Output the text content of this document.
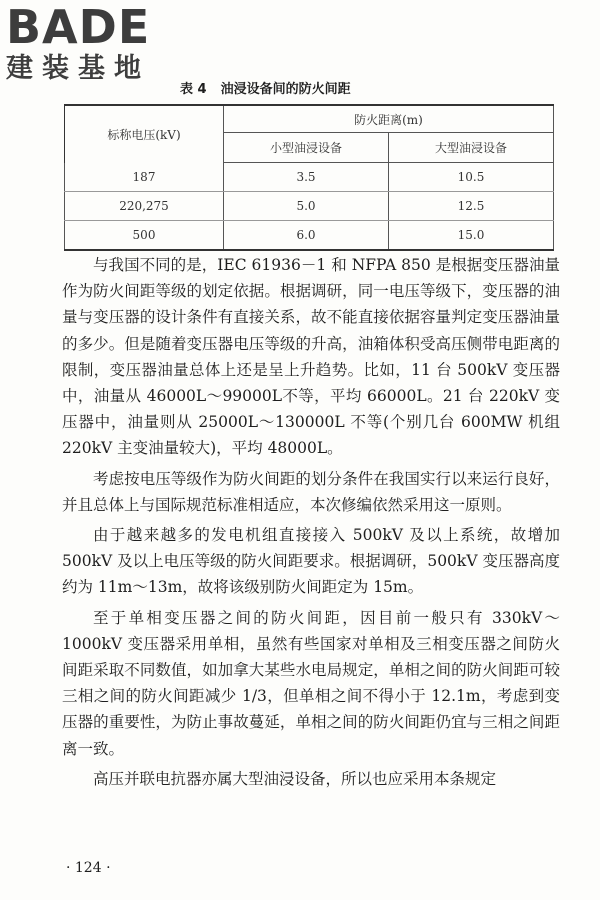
BADE
建装基地
表 4 油浸设备间的防火间距
标称电压(kV)	防火距离(m)	
	小型油浸设备	大型油浸设备
187	3.5	10.5
220,275	5.0	12.5
500	6.0	15.0

与我国不同的是，IEC 61936－1 和 NFPA 850 是根据变压器油量作为防火间距等级的划定依据。根据调研，同一电压等级下，变压器的油量与变压器的设计条件有直接关系，故不能直接依据容量判定变压器油量的多少。但是随着变压器电压等级的升高，油箱体积受高压侧带电距离的限制，变压器油量总体上还是呈上升趋势。比如，11 台 500kV 变压器中，油量从 46000L～99000L不等，平均 66000L。21 台 220kV 变压器中，油量则从 25000L～130000L 不等(个别几台 600MW 机组 220kV 主变油量较大)，平均 48000L。

考虑按电压等级作为防火间距的划分条件在我国实行以来运行良好，并且总体上与国际规范标准相适应，本次修编依然采用这一原则。

由于越来越多的发电机组直接接入 500kV 及以上系统，故增加 500kV 及以上电压等级的防火间距要求。根据调研，500kV 变压器高度约为 11m～13m，故将该级别防火间距定为 15m。

至于单相变压器之间的防火间距，因目前一般只有 330kV～1000kV 变压器采用单相，虽然有些国家对单相及三相变压器之间防火间距采取不同数值，如加拿大某些水电局规定，单相之间的防火间距可较三相之间的防火间距减少 1/3，但单相之间不得小于 12.1m，考虑到变压器的重要性，为防止事故蔓延，单相之间的防火间距仍宜与三相之间距离一致。

高压并联电抗器亦属大型油浸设备，所以也应采用本条规定

· 124 ·
